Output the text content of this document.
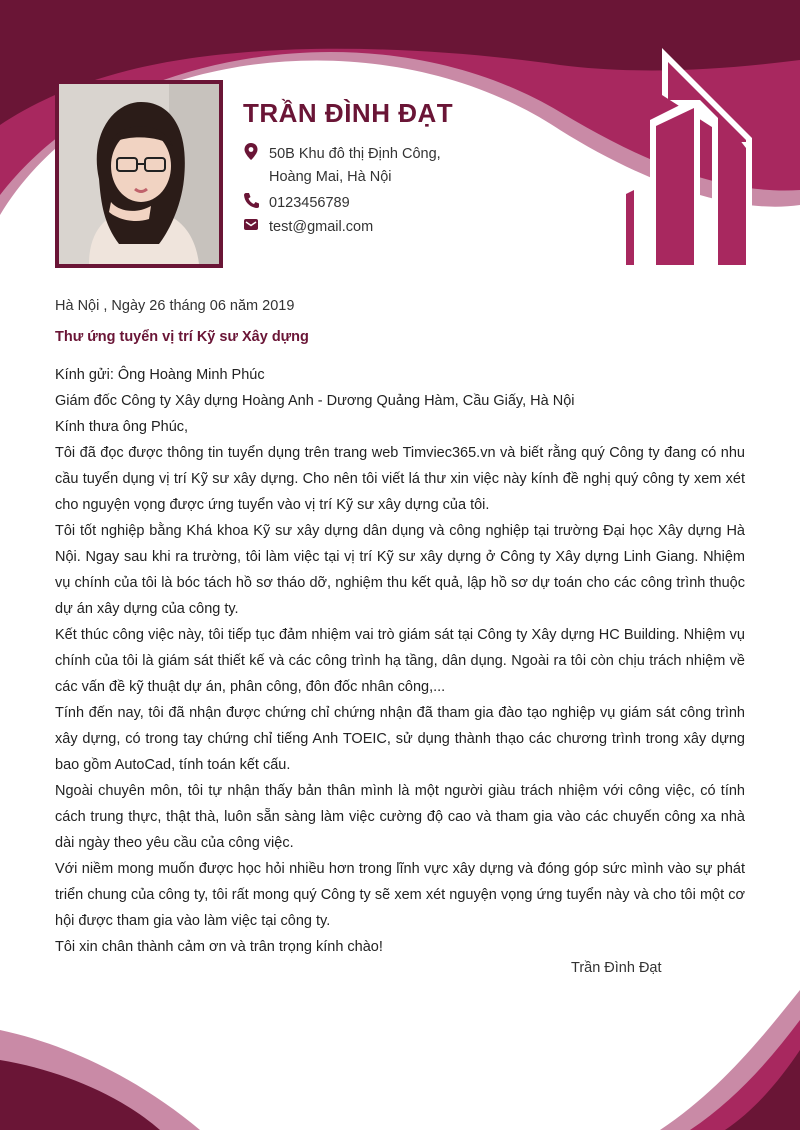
TRẦN ĐÌNH ĐẠT
50B Khu đô thị Định Công, Hoàng Mai, Hà Nội
0123456789
test@gmail.com
Hà Nội , Ngày 26 tháng 06 năm 2019
Thư ứng tuyển vị trí Kỹ sư Xây dựng

Kính gửi: Ông Hoàng Minh Phúc

Giám đốc Công ty Xây dựng Hoàng Anh - Dương Quảng Hàm, Cầu Giấy, Hà Nội

Kính thưa ông Phúc,

Tôi đã đọc được thông tin tuyển dụng trên trang web Timviec365.vn và biết rằng quý Công ty đang có nhu cầu tuyển dụng vị trí Kỹ sư xây dựng. Cho nên tôi viết lá thư xin việc này kính đề nghị quý công ty xem xét cho nguyện vọng được ứng tuyển vào vị trí Kỹ sư xây dựng của tôi.

Tôi tốt nghiệp bằng Khá khoa Kỹ sư xây dựng dân dụng và công nghiệp tại trường Đại học Xây dựng Hà Nội. Ngay sau khi ra trường, tôi làm việc tại vị trí Kỹ sư xây dựng ở Công ty Xây dựng Linh Giang. Nhiệm vụ chính của tôi là bóc tách hồ sơ tháo dỡ, nghiệm thu kết quả, lập hồ sơ dự toán cho các công trình thuộc dự án xây dựng của công ty.

Kết thúc công việc này, tôi tiếp tục đảm nhiệm vai trò giám sát tại Công ty Xây dựng HC Building. Nhiệm vụ chính của tôi là giám sát thiết kế và các công trình hạ tầng, dân dụng. Ngoài ra tôi còn chịu trách nhiệm về các vấn đề kỹ thuật dự án, phân công, đôn đốc nhân công,...

Tính đến nay, tôi đã nhận được chứng chỉ chứng nhận đã tham gia đào tạo nghiệp vụ giám sát công trình xây dựng, có trong tay chứng chỉ tiếng Anh TOEIC, sử dụng thành thạo các chương trình trong xây dựng bao gồm AutoCad, tính toán kết cấu.

Ngoài chuyên môn, tôi tự nhận thấy bản thân mình là một người giàu trách nhiệm với công việc, có tính cách trung thực, thật thà, luôn sẵn sàng làm việc cường độ cao và tham gia vào các chuyến công xa nhà dài ngày theo yêu cầu của công việc.

Với niềm mong muốn được học hỏi nhiều hơn trong lĩnh vực xây dựng và đóng góp sức mình vào sự phát triển chung của công ty, tôi rất mong quý Công ty sẽ xem xét nguyện vọng ứng tuyển này và cho tôi một cơ hội được tham gia vào làm việc tại công ty.

Tôi xin chân thành cảm ơn và trân trọng kính chào!

Trần Đình Đạt
